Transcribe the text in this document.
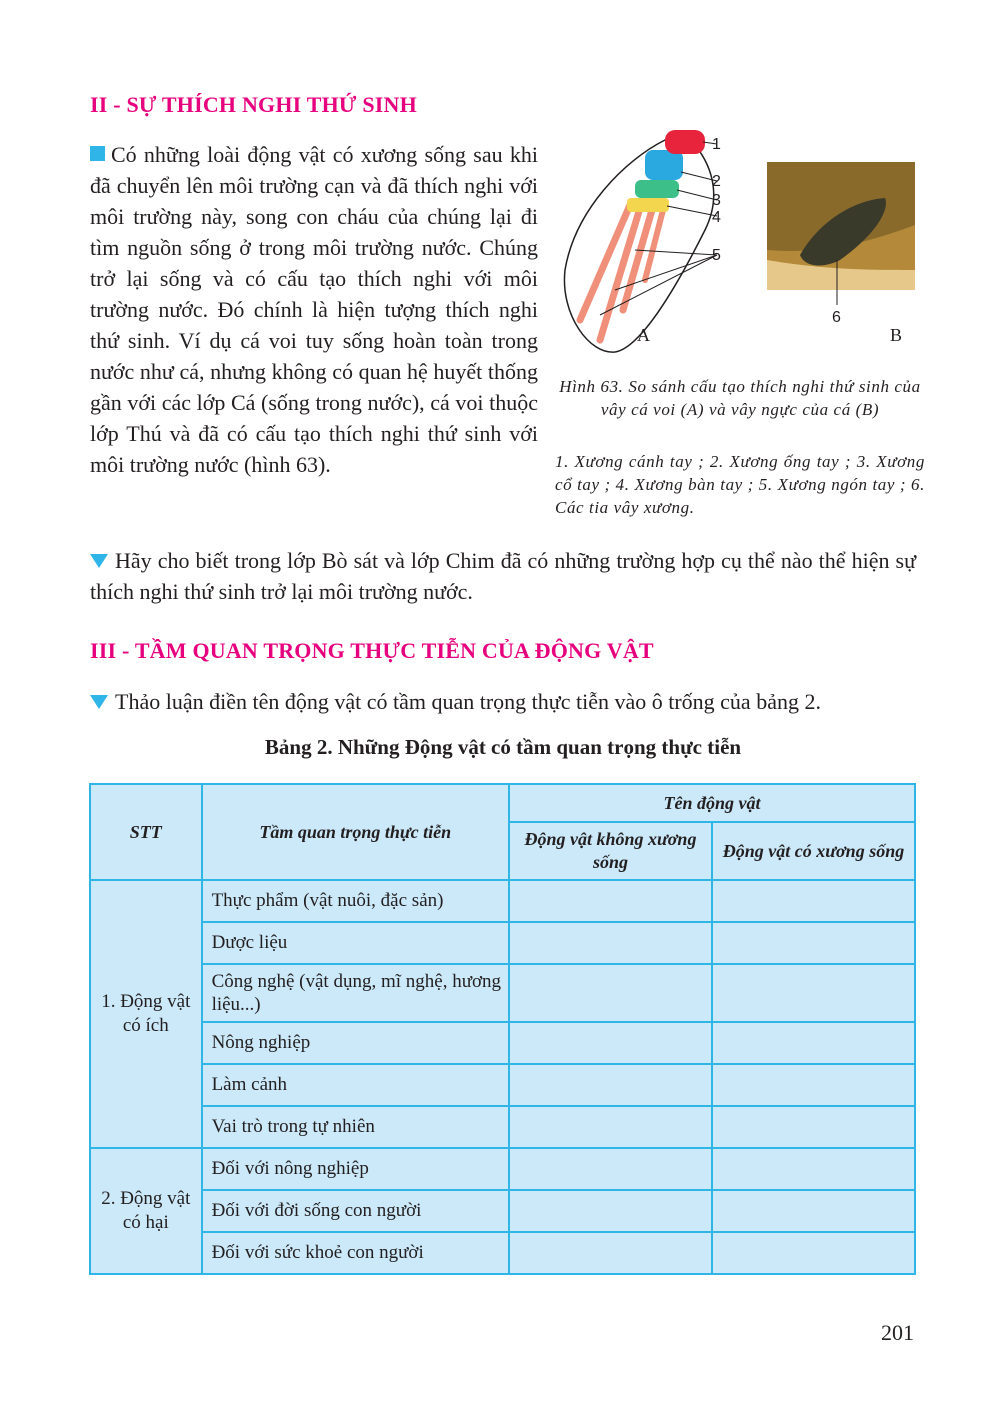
II - SỰ THÍCH NGHI THỨ SINH

Có những loài động vật có xương sống sau khi đã chuyển lên môi trường cạn và đã thích nghi với môi trường này, song con cháu của chúng lại đi tìm nguồn sống ở trong môi trường nước. Chúng trở lại sống và có cấu tạo thích nghi với môi trường nước. Đó chính là hiện tượng thích nghi thứ sinh. Ví dụ cá voi tuy sống hoàn toàn trong nước như cá, nhưng không có quan hệ huyết thống gần với các lớp Cá (sống trong nước), cá voi thuộc lớp Thú và đã có cấu tạo thích nghi thứ sinh với môi trường nước (hình 63).

1
2
3
4
5
6
A	B

Hình 63. So sánh cấu tạo thích nghi thứ sinh của vây cá voi (A) và vây ngực của cá (B)

1. Xương cánh tay ; 2. Xương ống tay ; 3. Xương cổ tay ; 4. Xương bàn tay ; 5. Xương ngón tay ; 6. Các tia vây xương.

Hãy cho biết trong lớp Bò sát và lớp Chim đã có những trường hợp cụ thể nào thể hiện sự thích nghi thứ sinh trở lại môi trường nước.

III - TẦM QUAN TRỌNG THỰC TIỄN CỦA ĐỘNG VẬT

Thảo luận điền tên động vật có tầm quan trọng thực tiễn vào ô trống của bảng 2.

Bảng 2. Những Động vật có tầm quan trọng thực tiễn

STT	Tầm quan trọng thực tiễn	Tên động vật	
		Động vật không xương sống	Động vật có xương sống
1. Động vật có ích	Thực phẩm (vật nuôi, đặc sản)		
	Dược liệu		
	Công nghệ (vật dụng, mĩ nghệ, hương liệu...)		
	Nông nghiệp		
	Làm cảnh		
	Vai trò trong tự nhiên		
2. Động vật có hại	Đối với nông nghiệp		
	Đối với đời sống con người		
	Đối với sức khoẻ con người		

201
